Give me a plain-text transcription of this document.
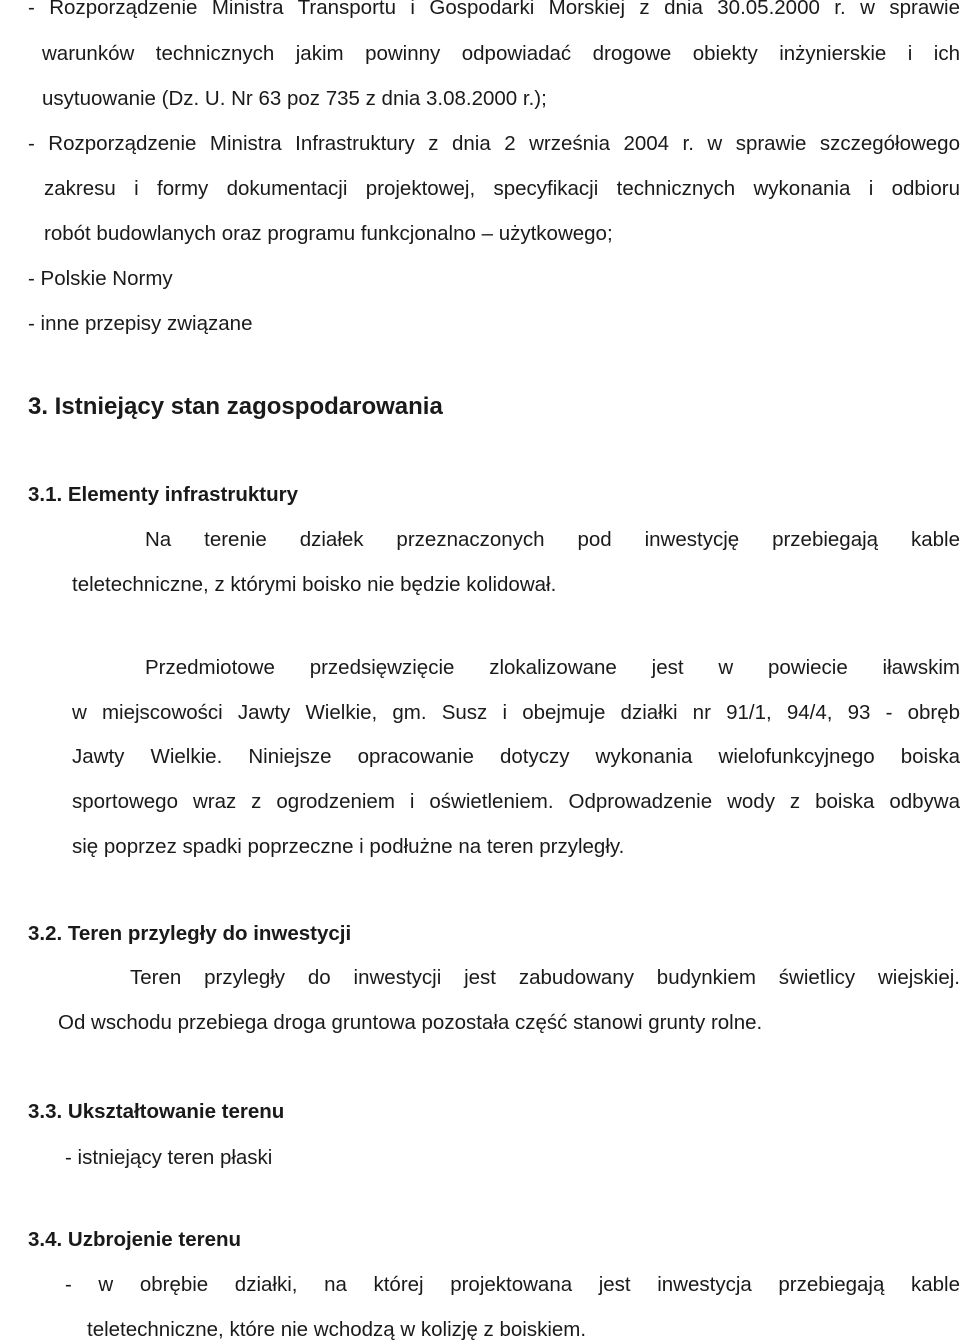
- Rozporządzenie Ministra Transportu i Gospodarki Morskiej z dnia 30.05.2000 r. w sprawie

warunków technicznych jakim powinny odpowiadać drogowe obiekty inżynierskie i ich

usytuowanie (Dz. U. Nr 63 poz 735 z dnia 3.08.2000 r.);

- Rozporządzenie Ministra Infrastruktury z dnia 2 września 2004 r. w sprawie szczegółowego

zakresu i formy dokumentacji projektowej, specyfikacji technicznych wykonania i odbioru

robót budowlanych oraz programu funkcjonalno – użytkowego;

- Polskie Normy

- inne przepisy związane

3. Istniejący stan zagospodarowania
3.1. Elementy infrastruktury

Na terenie działek przeznaczonych pod inwestycję przebiegają kable

teletechniczne, z którymi boisko nie będzie kolidował.

Przedmiotowe przedsięwzięcie zlokalizowane jest w powiecie iławskim

w miejscowości Jawty Wielkie, gm. Susz i obejmuje działki nr 91/1, 94/4, 93 - obręb

Jawty Wielkie. Niniejsze opracowanie dotyczy wykonania wielofunkcyjnego boiska

sportowego wraz z ogrodzeniem i oświetleniem. Odprowadzenie wody z boiska odbywa

się poprzez spadki poprzeczne i podłużne na teren przyległy.

3.2. Teren przyległy do inwestycji

Teren przyległy do inwestycji jest zabudowany budynkiem świetlicy wiejskiej.

Od wschodu przebiega droga gruntowa pozostała część stanowi grunty rolne.

3.3. Ukształtowanie terenu

- istniejący teren płaski

3.4. Uzbrojenie terenu

- w obrębie działki, na której projektowana jest inwestycja przebiegają kable

teletechniczne, które nie wchodzą w kolizję z boiskiem.
